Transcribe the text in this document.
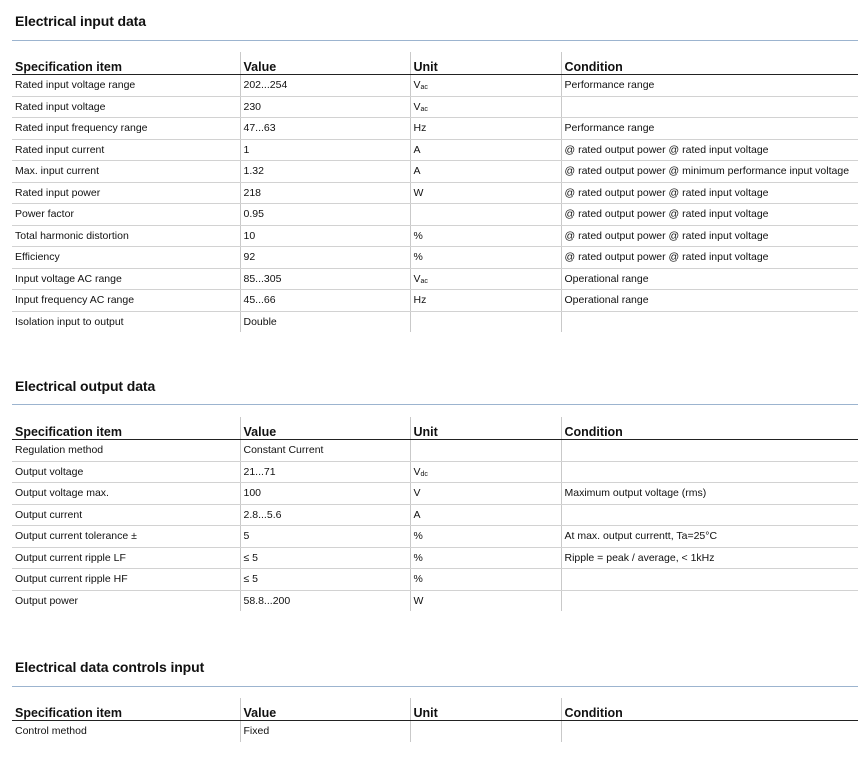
Electrical input data
Specification item	Value	Unit	Condition
Rated input voltage range	202...254	Vac	Performance range
Rated input voltage	230	Vac	
Rated input frequency range	47...63	Hz	Performance range
Rated input current	1	A	@ rated output power @ rated input voltage
Max. input current	1.32	A	@ rated output power @ minimum performance input voltage
Rated input power	218	W	@ rated output power @ rated input voltage
Power factor	0.95		@ rated output power @ rated input voltage
Total harmonic distortion	10	%	@ rated output power @ rated input voltage
Efficiency	92	%	@ rated output power @ rated input voltage
Input voltage AC range	85...305	Vac	Operational range
Input frequency AC range	45...66	Hz	Operational range
Isolation input to output	Double		
Electrical output data
Specification item	Value	Unit	Condition
Regulation method	Constant Current		
Output voltage	21...71	Vdc	
Output voltage max.	100	V	Maximum output voltage (rms)
Output current	2.8...5.6	A	
Output current tolerance ±	5	%	At max. output currentt, Ta=25°C
Output current ripple LF	≤ 5	%	Ripple = peak / average, < 1kHz
Output current ripple HF	≤ 5	%	
Output power	58.8...200	W	
Electrical data controls input
Specification item	Value	Unit	Condition
Control method	Fixed		
